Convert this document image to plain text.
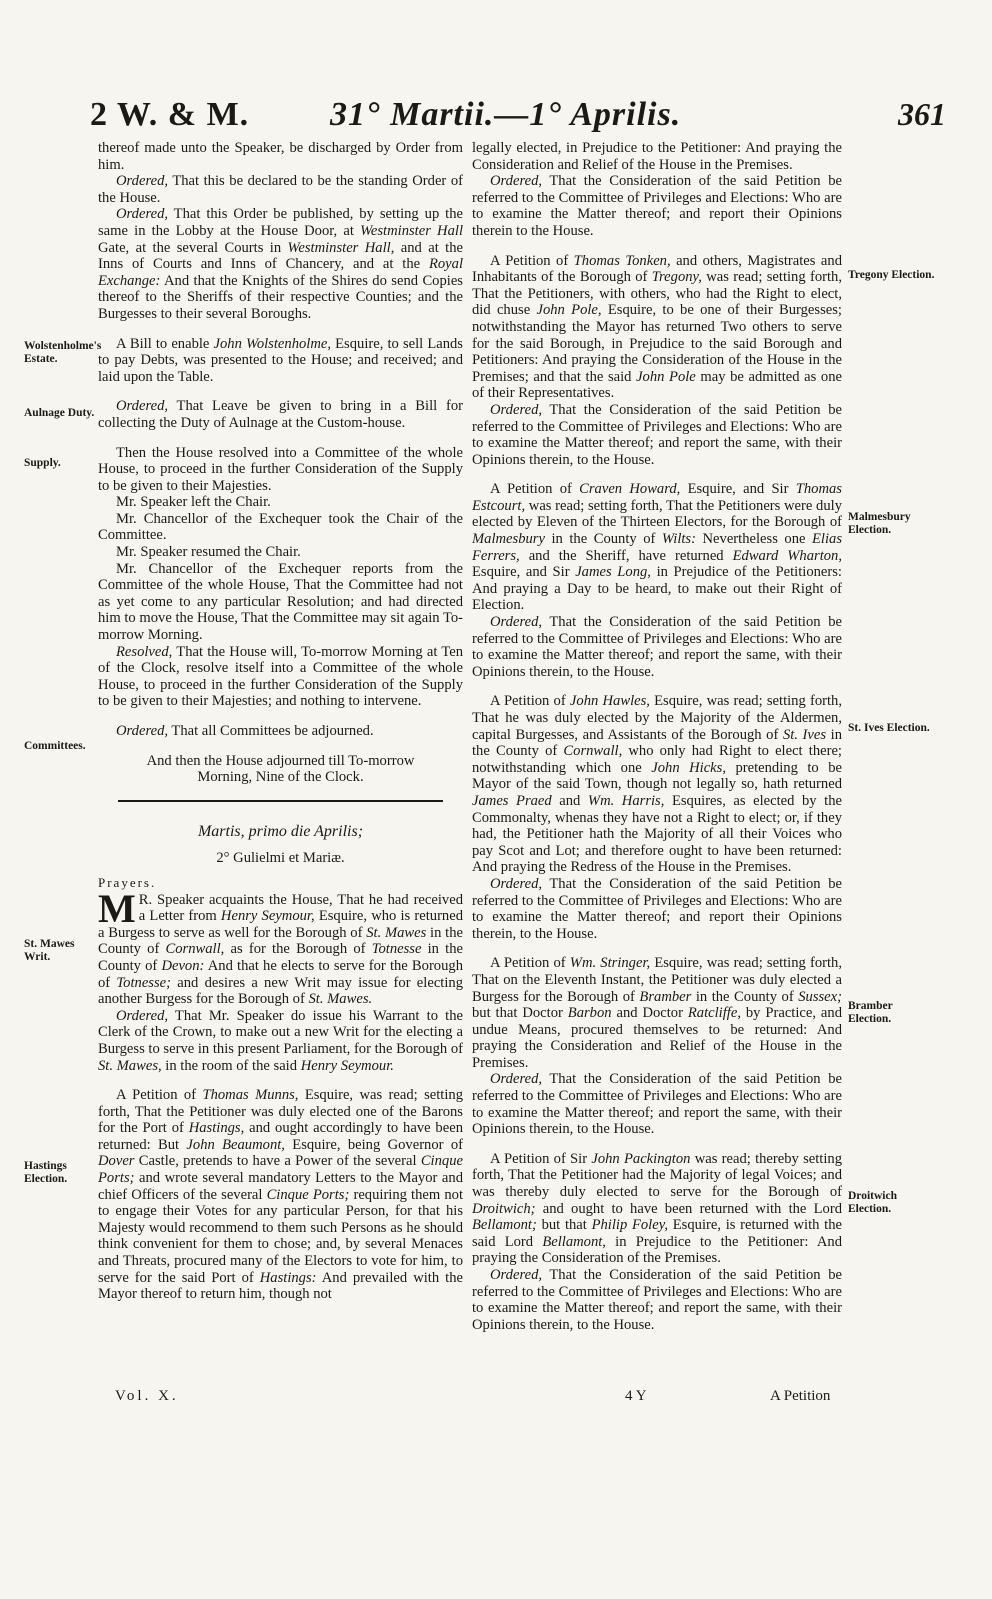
2 W. & M. 31° Martii.—1° Aprilis.	361
Wolstenholme's Estate.
Aulnage Duty.
Supply.
Committees.
St. Mawes Writ.
Hastings Election.
Tregony Election.
Malmesbury Election.
St. Ives Election.
Bramber Election.
Droitwich Election.

thereof made unto the Speaker, be discharged by Order from him.

Ordered, That this be declared to be the standing Order of the House.

Ordered, That this Order be published, by setting up the same in the Lobby at the House Door, at Westminster Hall Gate, at the several Courts in Westminster Hall, and at the Inns of Courts and Inns of Chancery, and at the Royal Exchange: And that the Knights of the Shires do send Copies thereof to the Sheriffs of their respective Counties; and the Burgesses to their several Boroughs.

A Bill to enable John Wolstenholme, Esquire, to sell Lands to pay Debts, was presented to the House; and received; and laid upon the Table.

Ordered, That Leave be given to bring in a Bill for collecting the Duty of Aulnage at the Custom-house.

Then the House resolved into a Committee of the whole House, to proceed in the further Consideration of the Supply to be given to their Majesties.

Mr. Speaker left the Chair.

Mr. Chancellor of the Exchequer took the Chair of the Committee.

Mr. Speaker resumed the Chair.

Mr. Chancellor of the Exchequer reports from the Committee of the whole House, That the Committee had not as yet come to any particular Resolution; and had directed him to move the House, That the Committee may sit again To-morrow Morning.

Resolved, That the House will, To-morrow Morning at Ten of the Clock, resolve itself into a Committee of the whole House, to proceed in the further Consideration of the Supply to be given to their Majesties; and nothing to intervene.

Ordered, That all Committees be adjourned.

And then the House adjourned till To-morrow Morning, Nine of the Clock.

Martis, primo die Aprilis;

2° Gulielmi et Mariæ.

Prayers.

M R. Speaker acquaints the House, That he had received a Letter from Henry Seymour, Esquire, who is returned a Burgess to serve as well for the Borough of St. Mawes in the County of Cornwall, as for the Borough of Totnesse in the County of Devon: And that he elects to serve for the Borough of Totnesse; and desires a new Writ may issue for electing another Burgess for the Borough of St. Mawes.

Ordered, That Mr. Speaker do issue his Warrant to the Clerk of the Crown, to make out a new Writ for the electing a Burgess to serve in this present Parliament, for the Borough of St. Mawes, in the room of the said Henry Seymour.

A Petition of Thomas Munns, Esquire, was read; setting forth, That the Petitioner was duly elected one of the Barons for the Port of Hastings, and ought accordingly to have been returned: But John Beaumont, Esquire, being Governor of Dover Castle, pretends to have a Power of the several Cinque Ports; and wrote several mandatory Letters to the Mayor and chief Officers of the several Cinque Ports; requiring them not to engage their Votes for any particular Person, for that his Majesty would recommend to them such Persons as he should think convenient for them to chose; and, by several Menaces and Threats, procured many of the Electors to vote for him, to serve for the said Port of Hastings: And prevailed with the Mayor thereof to return him, though not

legally elected, in Prejudice to the Petitioner: And praying the Consideration and Relief of the House in the Premises.

Ordered, That the Consideration of the said Petition be referred to the Committee of Privileges and Elections: Who are to examine the Matter thereof; and report their Opinions therein to the House.

A Petition of Thomas Tonken, and others, Magistrates and Inhabitants of the Borough of Tregony, was read; setting forth, That the Petitioners, with others, who had the Right to elect, did chuse John Pole, Esquire, to be one of their Burgesses; notwithstanding the Mayor has returned Two others to serve for the said Borough, in Prejudice to the said Borough and Petitioners: And praying the Consideration of the House in the Premises; and that the said John Pole may be admitted as one of their Representatives.

Ordered, That the Consideration of the said Petition be referred to the Committee of Privileges and Elections: Who are to examine the Matter thereof; and report the same, with their Opinions therein, to the House.

A Petition of Craven Howard, Esquire, and Sir Thomas Estcourt, was read; setting forth, That the Petitioners were duly elected by Eleven of the Thirteen Electors, for the Borough of Malmesbury in the County of Wilts: Nevertheless one Elias Ferrers, and the Sheriff, have returned Edward Wharton, Esquire, and Sir James Long, in Prejudice of the Petitioners: And praying a Day to be heard, to make out their Right of Election.

Ordered, That the Consideration of the said Petition be referred to the Committee of Privileges and Elections: Who are to examine the Matter thereof; and report the same, with their Opinions therein, to the House.

A Petition of John Hawles, Esquire, was read; setting forth, That he was duly elected by the Majority of the Aldermen, capital Burgesses, and Assistants of the Borough of St. Ives in the County of Cornwall, who only had Right to elect there; notwithstanding which one John Hicks, pretending to be Mayor of the said Town, though not legally so, hath returned James Praed and Wm. Harris, Esquires, as elected by the Commonalty, whenas they have not a Right to elect; or, if they had, the Petitioner hath the Majority of all their Voices who pay Scot and Lot; and therefore ought to have been returned: And praying the Redress of the House in the Premises.

Ordered, That the Consideration of the said Petition be referred to the Committee of Privileges and Elections: Who are to examine the Matter thereof; and report their Opinions therein, to the House.

A Petition of Wm. Stringer, Esquire, was read; setting forth, That on the Eleventh Instant, the Petitioner was duly elected a Burgess for the Borough of Bramber in the County of Sussex; but that Doctor Barbon and Doctor Ratcliffe, by Practice, and undue Means, procured themselves to be returned: And praying the Consideration and Relief of the House in the Premises.

Ordered, That the Consideration of the said Petition be referred to the Committee of Privileges and Elections: Who are to examine the Matter thereof; and report the same, with their Opinions therein, to the House.

A Petition of Sir John Packington was read; thereby setting forth, That the Petitioner had the Majority of legal Voices; and was thereby duly elected to serve for the Borough of Droitwich; and ought to have been returned with the Lord Bellamont; but that Philip Foley, Esquire, is returned with the said Lord Bellamont, in Prejudice to the Petitioner: And praying the Consideration of the Premises.

Ordered, That the Consideration of the said Petition be referred to the Committee of Privileges and Elections: Who are to examine the Matter thereof; and report the same, with their Opinions therein, to the House.

Vol. X.	4 Y	A Petition
